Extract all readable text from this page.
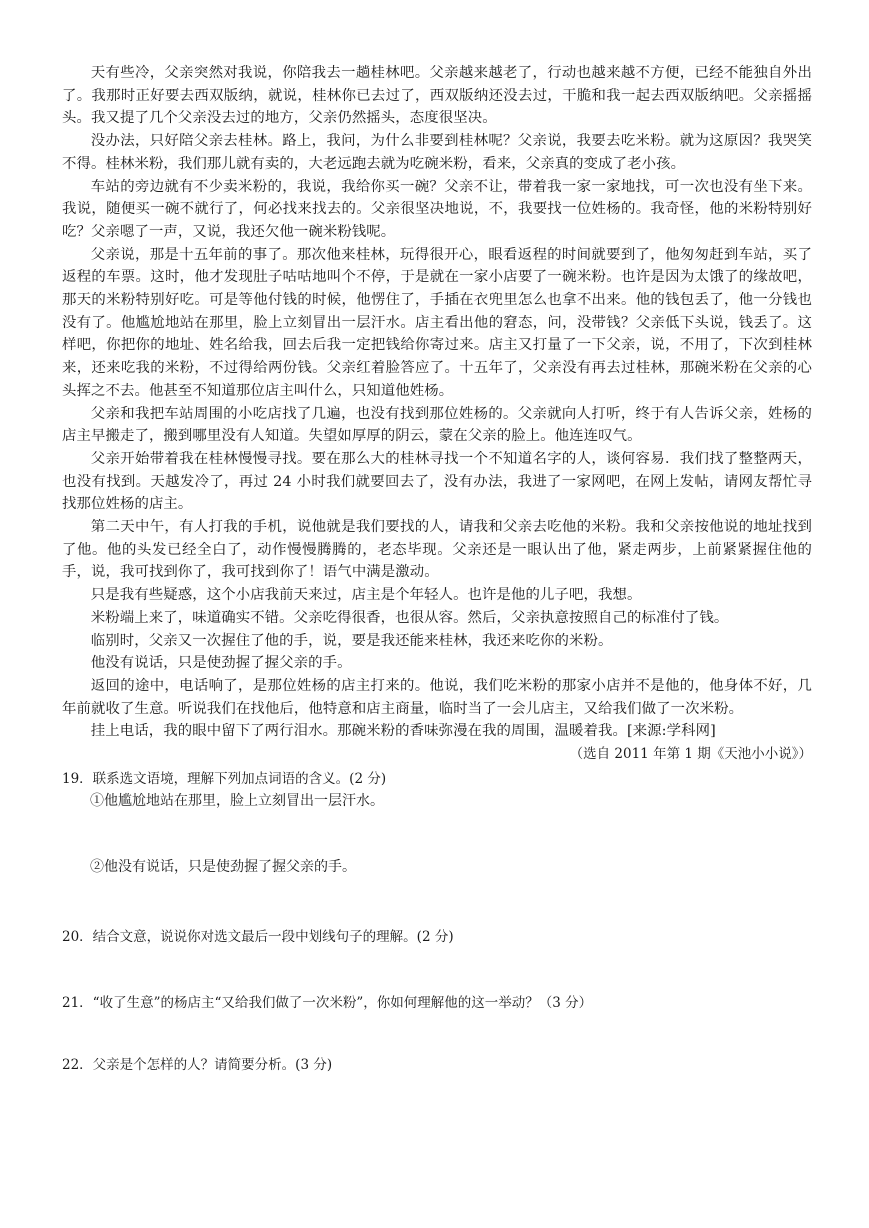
天有些冷，父亲突然对我说，你陪我去一趟桂林吧。父亲越来越老了，行动也越来越不方便，已经不能独自外出了。我那时正好要去西双版纳，就说，桂林你已去过了，西双版纳还没去过，干脆和我一起去西双版纳吧。父亲摇摇头。我又提了几个父亲没去过的地方，父亲仍然摇头，态度很坚决。

没办法，只好陪父亲去桂林。路上，我问，为什么非要到桂林呢？父亲说，我要去吃米粉。就为这原因？我哭笑不得。桂林米粉，我们那儿就有卖的，大老远跑去就为吃碗米粉，看来，父亲真的变成了老小孩。

车站的旁边就有不少卖米粉的，我说，我给你买一碗？父亲不让，带着我一家一家地找，可一次也没有坐下来。我说，随便买一碗不就行了，何必找来找去的。父亲很坚决地说，不，我要找一位姓杨的。我奇怪，他的米粉特别好吃？父亲嗯了一声，又说，我还欠他一碗米粉钱呢。

父亲说，那是十五年前的事了。那次他来桂林，玩得很开心，眼看返程的时间就要到了，他匆匆赶到车站，买了返程的车票。这时，他才发现肚子咕咕地叫个不停，于是就在一家小店要了一碗米粉。也许是因为太饿了的缘故吧，那天的米粉特别好吃。可是等他付钱的时候，他愣住了，手插在衣兜里怎么也拿不出来。他的钱包丢了，他一分钱也没有了。他尴尬地站在那里，脸上立刻冒出一层汗水。店主看出他的窘态，问，没带钱？父亲低下头说，钱丢了。这样吧，你把你的地址、姓名给我，回去后我一定把钱给你寄过来。店主又打量了一下父亲，说，不用了，下次到桂林来，还来吃我的米粉，不过得给两份钱。父亲红着脸答应了。十五年了，父亲没有再去过桂林，那碗米粉在父亲的心头挥之不去。他甚至不知道那位店主叫什么，只知道他姓杨。

父亲和我把车站周围的小吃店找了几遍，也没有找到那位姓杨的。父亲就向人打听，终于有人告诉父亲，姓杨的店主早搬走了，搬到哪里没有人知道。失望如厚厚的阴云，蒙在父亲的脸上。他连连叹气。

父亲开始带着我在桂林慢慢寻找。要在那么大的桂林寻找一个不知道名字的人，谈何容易．我们找了整整两天，也没有找到。天越发冷了，再过 24 小时我们就要回去了，没有办法，我进了一家网吧，在网上发帖，请网友帮忙寻找那位姓杨的店主。

第二天中午，有人打我的手机，说他就是我们要找的人，请我和父亲去吃他的米粉。我和父亲按他说的地址找到了他。他的头发已经全白了，动作慢慢腾腾的，老态毕现。父亲还是一眼认出了他，紧走两步，上前紧紧握住他的手，说，我可找到你了，我可找到你了！语气中满是激动。

只是我有些疑惑，这个小店我前天来过，店主是个年轻人。也许是他的儿子吧，我想。

米粉端上来了，味道确实不错。父亲吃得很香，也很从容。然后，父亲执意按照自己的标准付了钱。

临别时，父亲又一次握住了他的手，说，要是我还能来桂林，我还来吃你的米粉。

他没有说话，只是使劲握了握父亲的手。

返回的途中，电话响了，是那位姓杨的店主打来的。他说，我们吃米粉的那家小店并不是他的，他身体不好，几年前就收了生意。听说我们在找他后，他特意和店主商量，临时当了一会儿店主，又给我们做了一次米粉。

挂上电话，我的眼中留下了两行泪水。那碗米粉的香味弥漫在我的周围，温暖着我。[来源:学科网]

（选自 2011 年第 1 期《天池小小说》）
19．联系选文语境，理解下列加点词语的含义。(2 分)
①他尴尬地站在那里，脸上立刻冒出一层汗水。
②他没有说话，只是使劲握了握父亲的手。
20．结合文意，说说你对选文最后一段中划线句子的理解。(2 分)
21．“收了生意”的杨店主“又给我们做了一次米粉”，你如何理解他的这一举动？（3 分）
22．父亲是个怎样的人？请简要分析。(3 分)
